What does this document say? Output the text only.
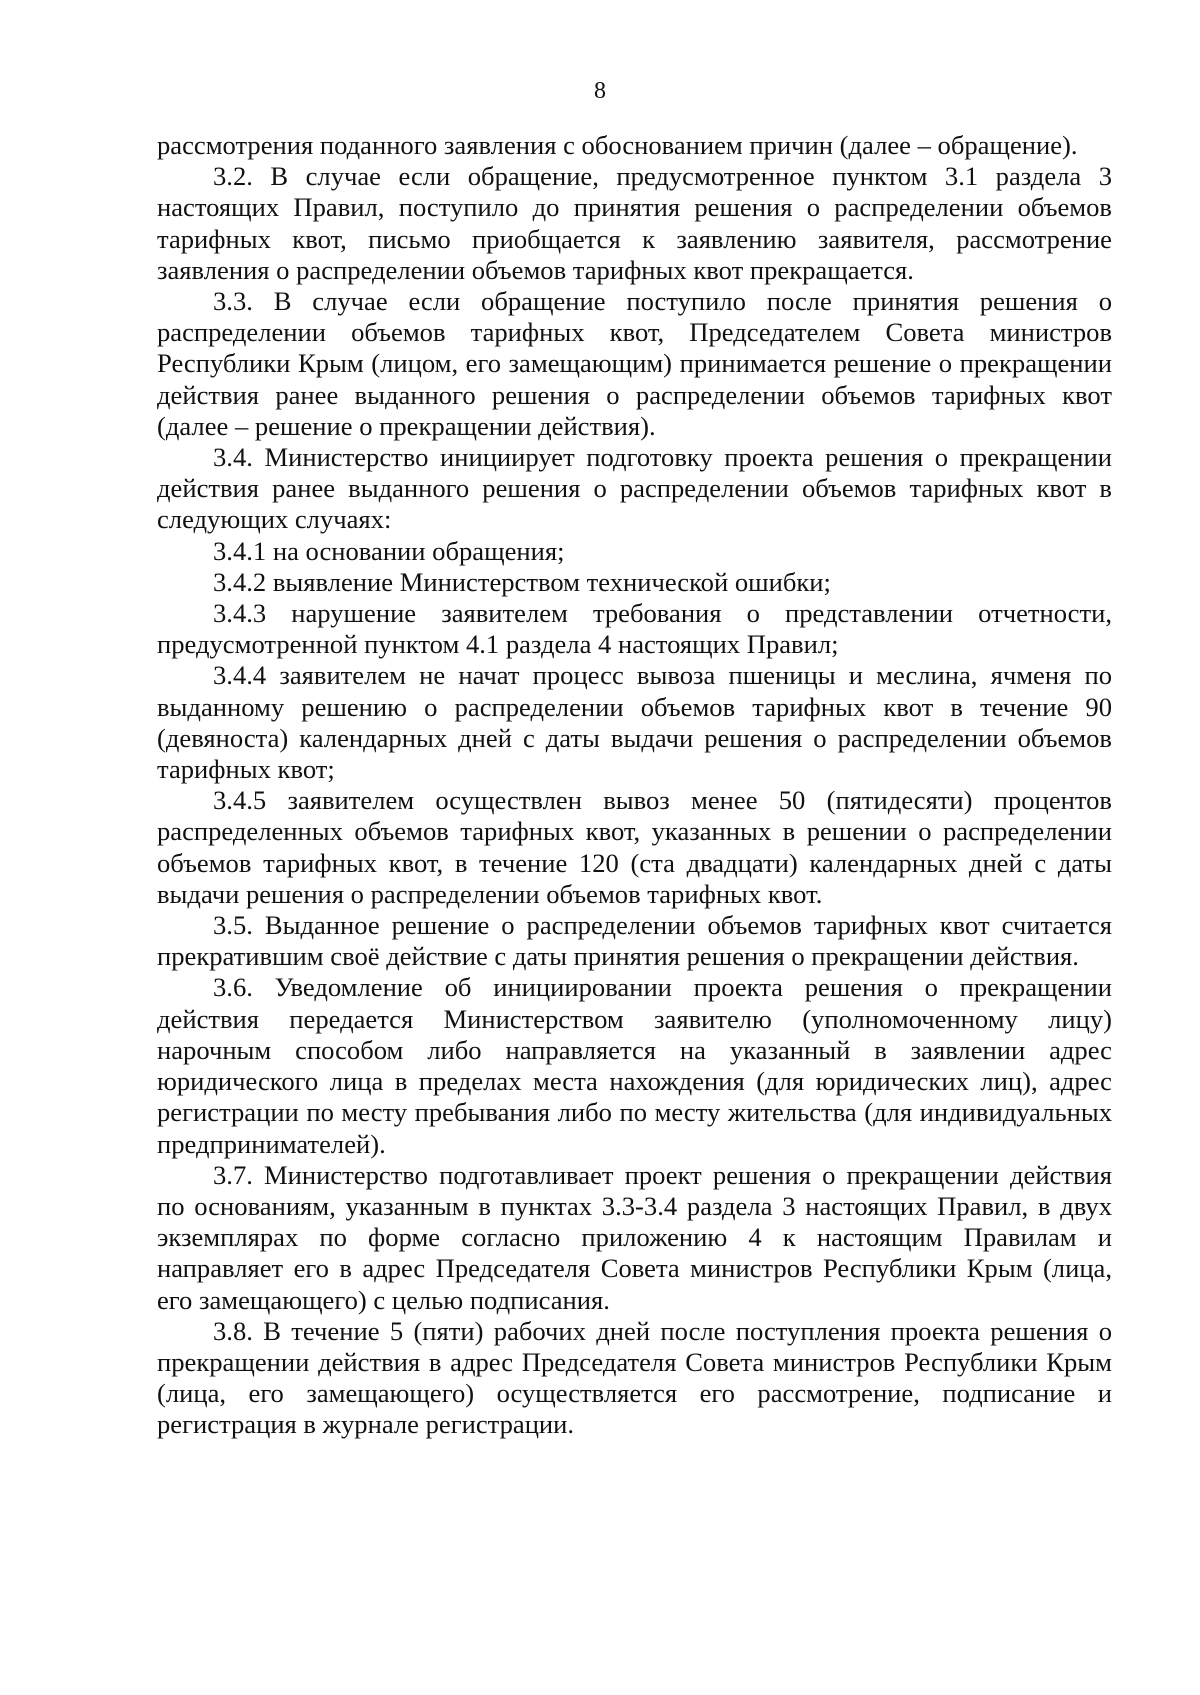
8

рассмотрения поданного заявления с обоснованием причин (далее – обращение).

3.2. В случае если обращение, предусмотренное пунктом 3.1 раздела 3 настоящих Правил, поступило до принятия решения о распределении объемов тарифных квот, письмо приобщается к заявлению заявителя, рассмотрение заявления о распределении объемов тарифных квот прекращается.

3.3. В случае если обращение поступило после принятия решения о распределении объемов тарифных квот, Председателем Совета министров Республики Крым (лицом, его замещающим) принимается решение о прекращении действия ранее выданного решения о распределении объемов тарифных квот (далее – решение о прекращении действия).

3.4. Министерство инициирует подготовку проекта решения о прекращении действия ранее выданного решения о распределении объемов тарифных квот в следующих случаях:

3.4.1 на основании обращения;

3.4.2 выявление Министерством технической ошибки;

3.4.3 нарушение заявителем требования о представлении отчетности, предусмотренной пунктом 4.1 раздела 4 настоящих Правил;

3.4.4 заявителем не начат процесс вывоза пшеницы и меслина, ячменя по выданному решению о распределении объемов тарифных квот в течение 90 (девяноста) календарных дней с даты выдачи решения о распределении объемов тарифных квот;

3.4.5 заявителем осуществлен вывоз менее 50 (пятидесяти) процентов распределенных объемов тарифных квот, указанных в решении о распределении объемов тарифных квот, в течение 120 (ста двадцати) календарных дней с даты выдачи решения о распределении объемов тарифных квот.

3.5. Выданное решение о распределении объемов тарифных квот считается прекратившим своё действие с даты принятия решения о прекращении действия.

3.6. Уведомление об инициировании проекта решения о прекращении действия передается Министерством заявителю (уполномоченному лицу) нарочным способом либо направляется на указанный в заявлении адрес юридического лица в пределах места нахождения (для юридических лиц), адрес регистрации по месту пребывания либо по месту жительства (для индивидуальных предпринимателей).

3.7. Министерство подготавливает проект решения о прекращении действия по основаниям, указанным в пунктах 3.3-3.4 раздела 3 настоящих Правил, в двух экземплярах по форме согласно приложению 4 к настоящим Правилам и направляет его в адрес Председателя Совета министров Республики Крым (лица, его замещающего) с целью подписания.

3.8. В течение 5 (пяти) рабочих дней после поступления проекта решения о прекращении действия в адрес Председателя Совета министров Республики Крым (лица, его замещающего) осуществляется его рассмотрение, подписание и регистрация в журнале регистрации.
